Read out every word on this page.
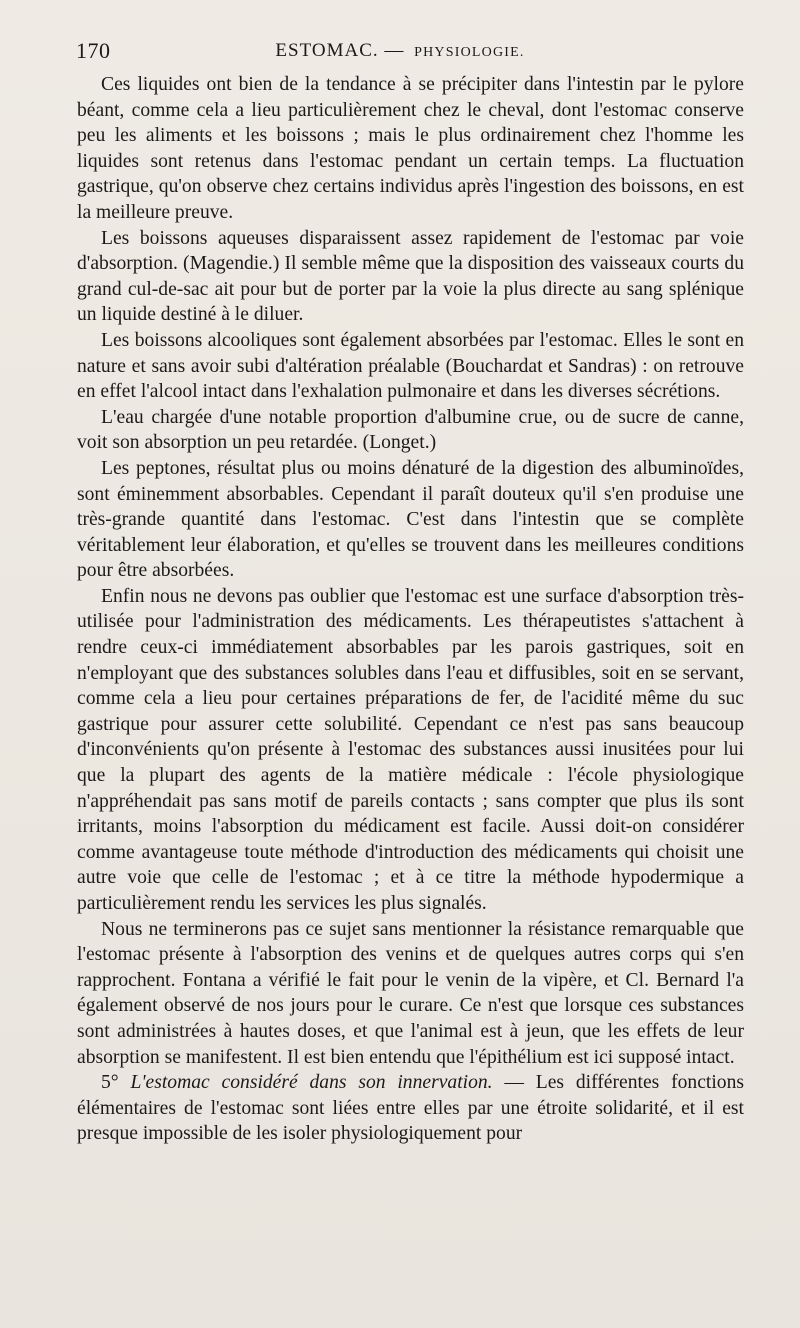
170	ESTOMAC. — PHYSIOLOGIE.

Ces liquides ont bien de la tendance à se précipiter dans l'intestin par le pylore béant, comme cela a lieu particulièrement chez le cheval, dont l'estomac conserve peu les aliments et les boissons ; mais le plus ordinairement chez l'homme les liquides sont retenus dans l'estomac pendant un certain temps. La fluctuation gastrique, qu'on observe chez certains individus après l'ingestion des boissons, en est la meilleure preuve.

Les boissons aqueuses disparaissent assez rapidement de l'estomac par voie d'absorption. (Magendie.) Il semble même que la disposition des vaisseaux courts du grand cul-de-sac ait pour but de porter par la voie la plus directe au sang splénique un liquide destiné à le diluer.

Les boissons alcooliques sont également absorbées par l'estomac. Elles le sont en nature et sans avoir subi d'altération préalable (Bouchardat et Sandras) : on retrouve en effet l'alcool intact dans l'exhalation pulmonaire et dans les diverses sécrétions.

L'eau chargée d'une notable proportion d'albumine crue, ou de sucre de canne, voit son absorption un peu retardée. (Longet.)

Les peptones, résultat plus ou moins dénaturé de la digestion des albuminoïdes, sont éminemment absorbables. Cependant il paraît douteux qu'il s'en produise une très-grande quantité dans l'estomac. C'est dans l'intestin que se complète véritablement leur élaboration, et qu'elles se trouvent dans les meilleures conditions pour être absorbées.

Enfin nous ne devons pas oublier que l'estomac est une surface d'absorption très-utilisée pour l'administration des médicaments. Les thérapeutistes s'attachent à rendre ceux-ci immédiatement absorbables par les parois gastriques, soit en n'employant que des substances solubles dans l'eau et diffusibles, soit en se servant, comme cela a lieu pour certaines préparations de fer, de l'acidité même du suc gastrique pour assurer cette solubilité. Cependant ce n'est pas sans beaucoup d'inconvénients qu'on présente à l'estomac des substances aussi inusitées pour lui que la plupart des agents de la matière médicale : l'école physiologique n'appréhendait pas sans motif de pareils contacts ; sans compter que plus ils sont irritants, moins l'absorption du médicament est facile. Aussi doit-on considérer comme avantageuse toute méthode d'introduction des médicaments qui choisit une autre voie que celle de l'estomac ; et à ce titre la méthode hypodermique a particulièrement rendu les services les plus signalés.

Nous ne terminerons pas ce sujet sans mentionner la résistance remarquable que l'estomac présente à l'absorption des venins et de quelques autres corps qui s'en rapprochent. Fontana a vérifié le fait pour le venin de la vipère, et Cl. Bernard l'a également observé de nos jours pour le curare. Ce n'est que lorsque ces substances sont administrées à hautes doses, et que l'animal est à jeun, que les effets de leur absorption se manifestent. Il est bien entendu que l'épithélium est ici supposé intact.

5° L'estomac considéré dans son innervation. — Les différentes fonctions élémentaires de l'estomac sont liées entre elles par une étroite solidarité, et il est presque impossible de les isoler physiologiquement pour
